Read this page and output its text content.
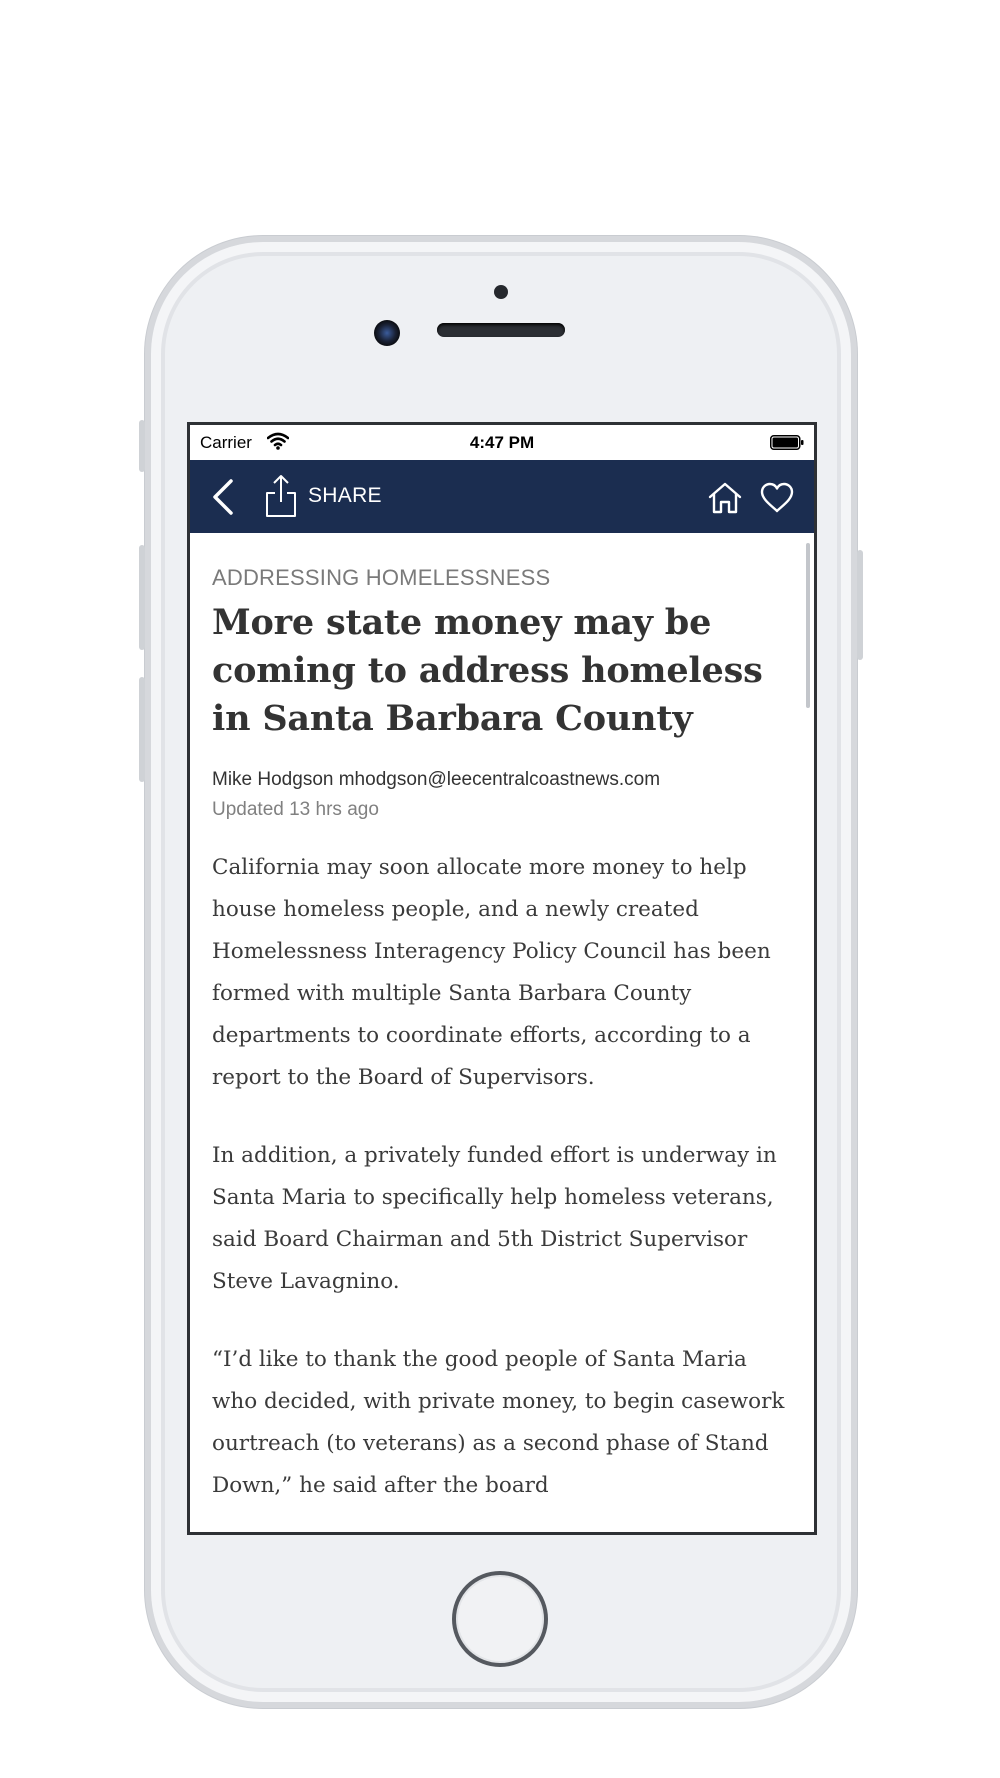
Carrier	4:47 PM
SHARE
ADDRESSING HOMELESSNESS
More state money may be coming to address homeless in Santa Barbara County
Mike Hodgson mhodgson@leecentralcoastnews.com
Updated 13 hrs ago

California may soon allocate more money to help house homeless people, and a newly created Homelessness Interagency Policy Council has been formed with multiple Santa Barbara County departments to coordinate efforts, according to a report to the Board of Supervisors.

In addition, a privately funded effort is underway in Santa Maria to specifically help homeless veterans, said Board Chairman and 5th District Supervisor Steve Lavagnino.

“I’d like to thank the good people of Santa Maria who decided, with private money, to begin casework ourtreach (to veterans) as a second phase of Stand Down,” he said after the board
